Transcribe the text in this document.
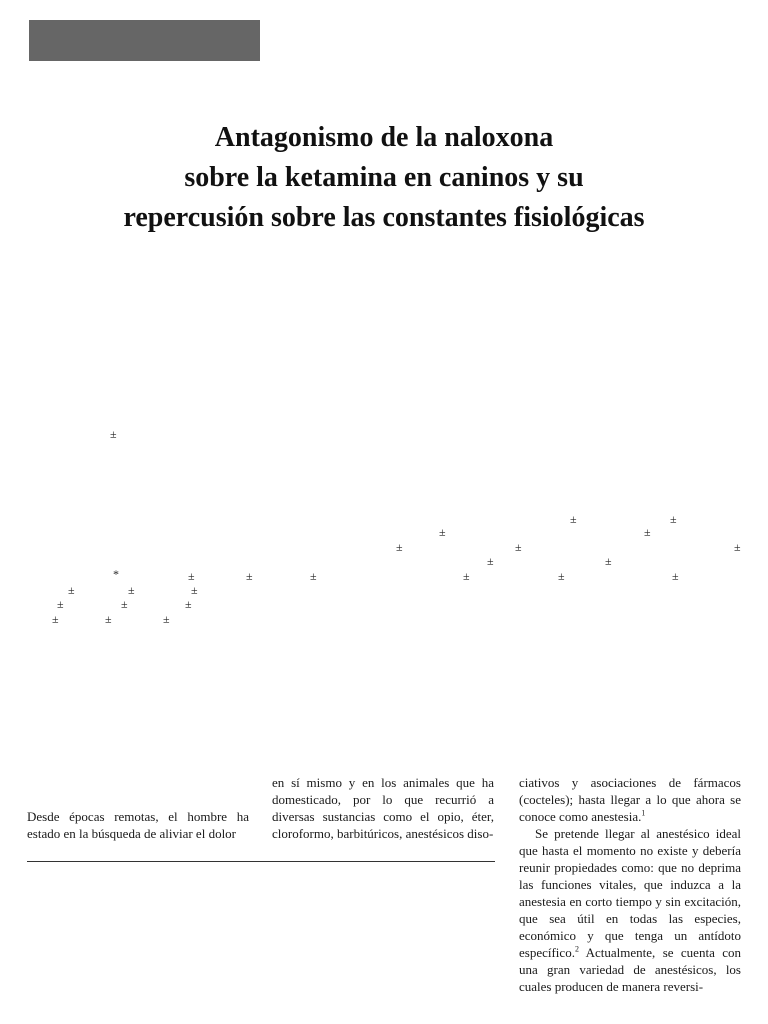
Antagonismo de la naloxona
sobre la ketamina en caninos y su
repercusión sobre las constantes fisiológicas
±
±
±
±
±
±
±
±
±	±
*	±	±	±	±	±	±
±	±	±
±	±	±
±	±	±

Desde épocas remotas, el hombre ha estado en la búsqueda de aliviar el dolor

en sí mismo y en los animales que ha domesticado, por lo que recurrió a diversas sustancias como el opio, éter, cloroformo, barbitúricos, anestésicos diso-

ciativos y asociaciones de fármacos (cocteles); hasta llegar a lo que ahora se conoce como anestesia.$^1$

Se pretende llegar al anestésico ideal que hasta el momento no existe y debería reunir propiedades como: que no deprima las funciones vitales, que induzca a la anestesia en corto tiempo y sin excitación, que sea útil en todas las especies, económico y que tenga un antídoto específico.$^2$ Actualmente, se cuenta con una gran variedad de anestésicos, los cuales producen de manera reversi-
